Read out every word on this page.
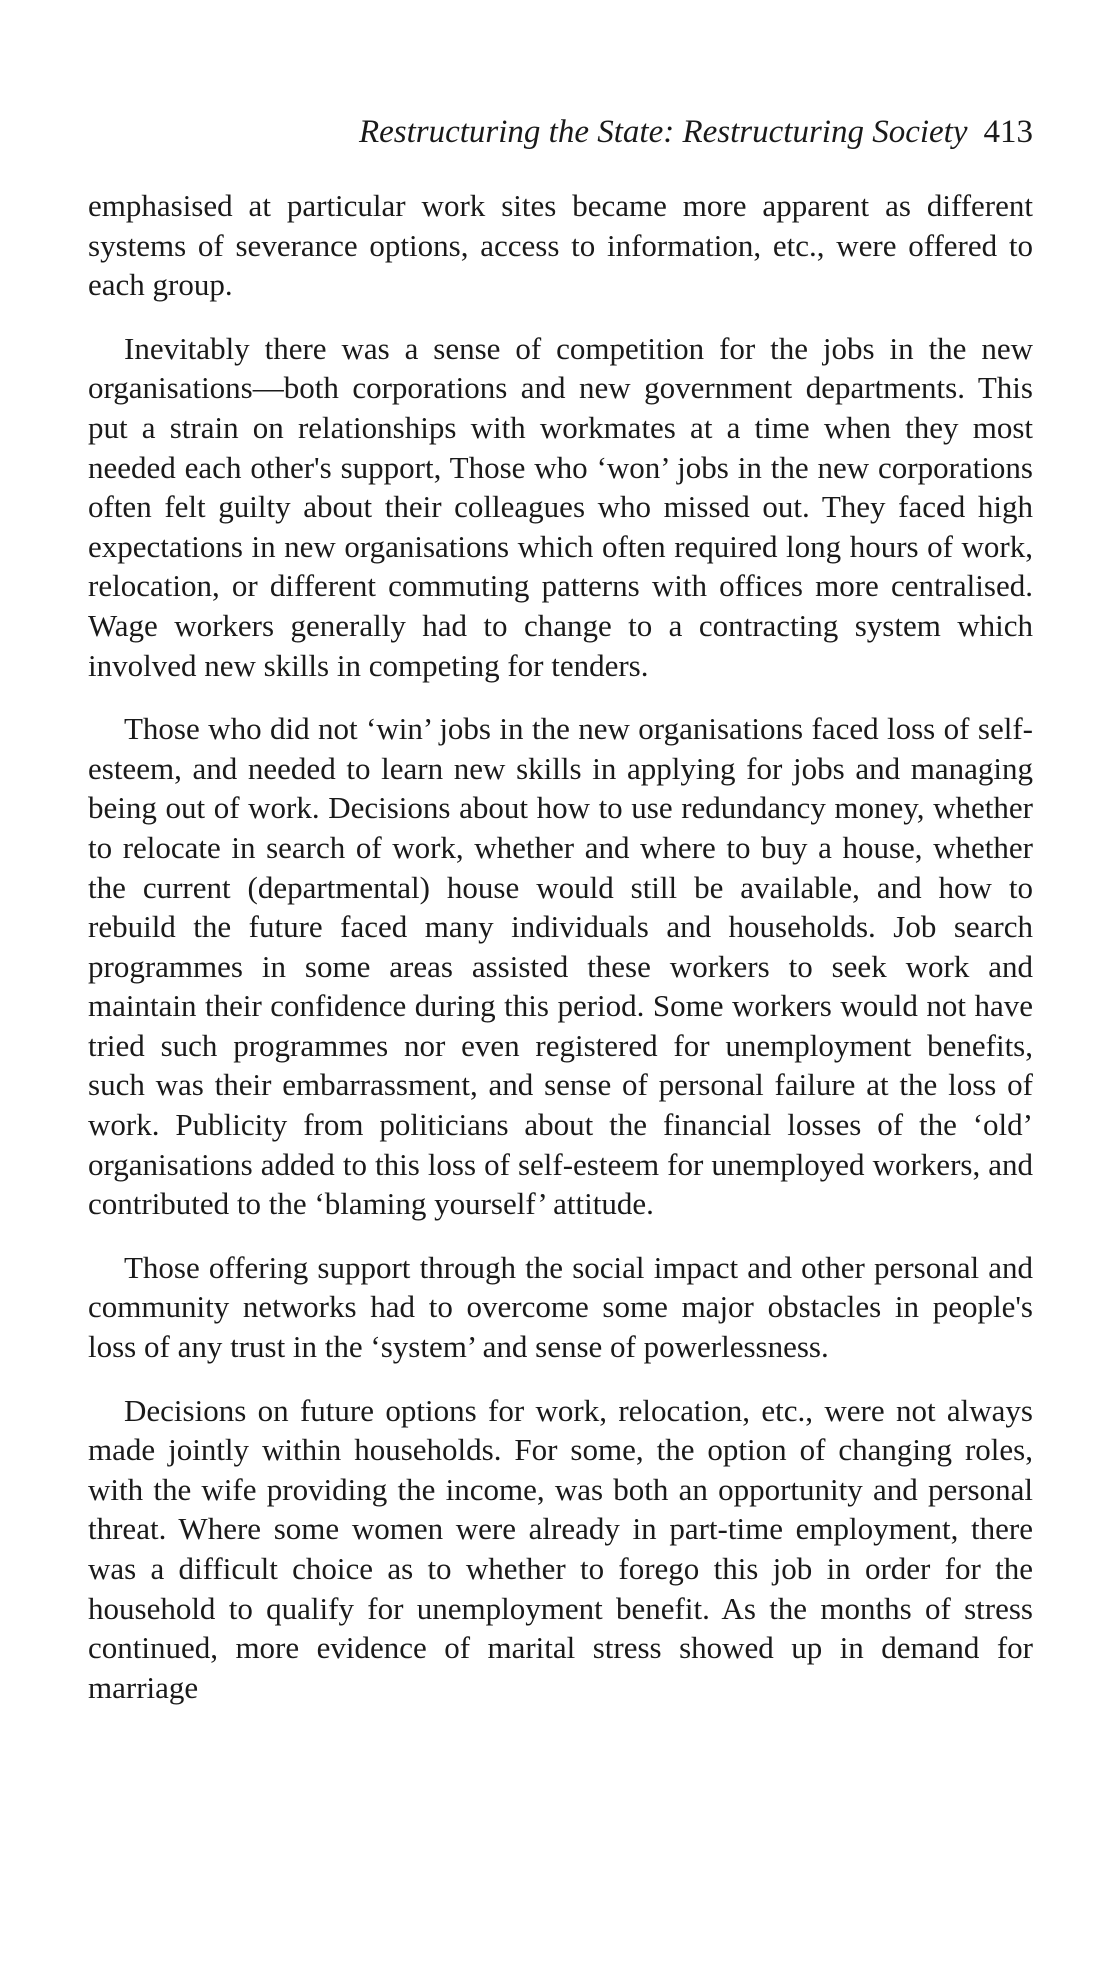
Restructuring the State: Restructuring Society 413

emphasised at particular work sites became more apparent as different systems of severance options, access to information, etc., were offered to each group.

Inevitably there was a sense of competition for the jobs in the new organisations—both corporations and new government departments. This put a strain on relationships with workmates at a time when they most needed each other's support, Those who ‘won’ jobs in the new corporations often felt guilty about their colleagues who missed out. They faced high expectations in new organisations which often required long hours of work, relocation, or different commuting patterns with offices more centralised. Wage workers generally had to change to a contracting system which involved new skills in competing for tenders.

Those who did not ‘win’ jobs in the new organisations faced loss of self-esteem, and needed to learn new skills in applying for jobs and managing being out of work. Decisions about how to use redundancy money, whether to relocate in search of work, whether and where to buy a house, whether the current (departmental) house would still be available, and how to rebuild the future faced many individuals and households. Job search programmes in some areas assisted these workers to seek work and maintain their confidence during this period. Some workers would not have tried such programmes nor even registered for unemployment benefits, such was their embarrassment, and sense of personal failure at the loss of work. Publicity from politicians about the financial losses of the ‘old’ organisations added to this loss of self-esteem for unemployed workers, and contributed to the ‘blaming yourself’ attitude.

Those offering support through the social impact and other personal and community networks had to overcome some major obstacles in people's loss of any trust in the ‘system’ and sense of powerlessness.

Decisions on future options for work, relocation, etc., were not always made jointly within households. For some, the option of changing roles, with the wife providing the income, was both an opportunity and personal threat. Where some women were already in part-time employment, there was a difficult choice as to whether to forego this job in order for the household to qualify for unemployment benefit. As the months of stress continued, more evidence of marital stress showed up in demand for marriage
